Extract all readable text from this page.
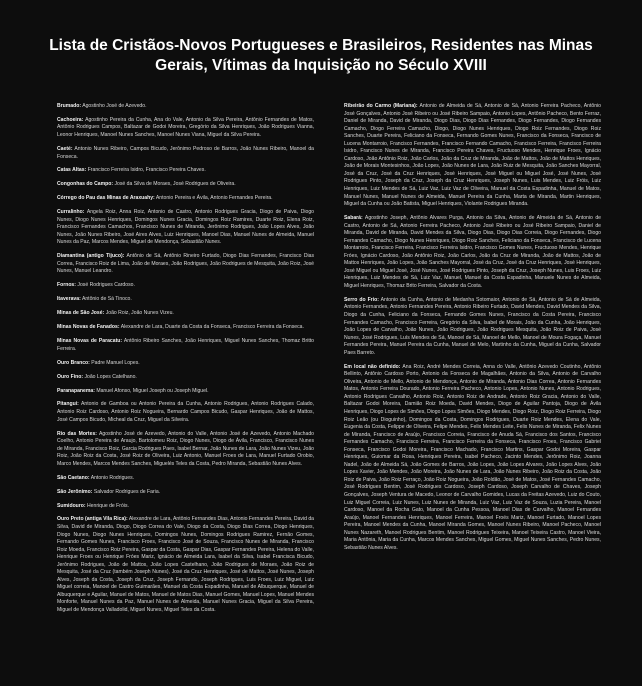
Lista de Cristãos-Novos Portugueses e Brasileiros, Residentes nas Minas Gerais, Vítimas da Inquisição no Século XVIII

Brumado: Agostinho José de Azevedo.

Cachoeira: Agostinho Pereira da Cunha, Ana do Vale, Antonio da Silva Pereira, Antônio Fernandes de Matos, Antônio Rodrigues Campos, Baltazar de Godoi Moreira, Gregório da Silva Henriques, João Rodrigues Vianna, Leonor Henriques, Manoel Nunes Sanches, Manoel Nunes Viana, Miguel da Silva Pereira.

Caeté: Antonio Nunes Ribeiro, Campos Bicudo, Jerônimo Pedroso de Barros, João Nunes Ribeiro, Manoel da Fonseca.

Catas Altas: Francisco Ferreira Isidro, Francisco Pereira Chaves.

Congonhas do Campo: José da Silva de Moraes, José Rodrigues de Oliveira.

Córrego do Pau das Minas de Araxuahy: Antonio Pereira e Ávila, Antonio Fernandes Pereira.

Curralinho: Angela Roiz, Anna Roiz, Antonio de Castro, Antonio Rodrigues Gracia, Diogo de Paiva, Diogo Nunes, Diogo Nunes Henriques, Domingos Nunes Gracia, Domingos Roiz Ramires, Duarte Roiz, Elena Roiz, Francisco Fernandes Camachos, Francisco Nunes de Miranda, Jerônimo Rodrigues, João Lopes Alves, João Nunes, João Nunes Ribeiro, José Aires Alves, Luiz Henriques, Manoel Dias, Manuel Nunes de Almeida, Manuel Nunes da Paz, Marcos Mendes, Miguel de Mendonça, Sebastião Nunes.

Diamantina (antigo Tijuco): Antônio de Sá, Antônio Rineiro Furtado, Diogo Dias Fernandes, Francisco Dias Correa, Francisco Roiz de Lima, João de Moraes, João Rodrigues, João Rodrigues de Mesquita, João Roiz, José Nunes, Manuel Leandro.

Fornos: José Rodrigues Cardoso.

Itaverava: Antônio de Sá Tinoco.

Minas de São José: João Roiz, João Nunes Vizeu.

Minas Novas de Fanados: Alexandre de Lara, Duarte da Costa da Fonseca, Francisco Ferreira da Fonseca.

Minas Novas de Paracatu: Antônio Ribeiro Sanches, João Henriques, Miguel Nunes Sanches, Thomaz Britto Ferreira.

Ouro Branco: Padre Manuel Lopes.

Ouro Fino: João Lopes Catelhano.

Paranapanema: Manuel Afonso, Miguel Joseph ou Joseph Miguel.

Pitangui: Antonio de Gamboa ou Antonio Pereira da Cunha, Antonio Rodrigues, Antonio Rodrigues Calado, Antonio Roiz Cardoso, Antonio Roiz Nogueira, Bernardo Campos Bicudo, Gaspar Henriques, João de Mattos, José Campos Bicudo, Micheal da Cruz, Miguel da Silveira.

Rio das Mortes: Agostinho José de Azevedo, Antonio do Valle, Antonio José de Azevedo, Antonio Machado Coelho, Antonio Pereira de Araujo, Bartolomeu Roiz, Diogo Nunes, Diogo de Ávila, Francisco, Francisco Nunes de Miranda, Francisco Roiz, Garcia Rodrigues Paes, Isabel Bernar, João Nunes de Lara, João Nunes Vizeu, João Roiz, João Roiz da Costa, José Roiz de Oliveira, Luiz Antonio, Manuel Froes de Lara, Manuel Furtado Orobio, Marco Mendes, Marcos Mendes Sanches, Miguelés Teles da Costa, Pedro Miranda, Sebastião Nunes Alves.

São Caetano: Antonio Rodrigues.

São Jerônimo: Salvador Rodrigues de Faria.

Sumidouro: Henrique de Fróis.

Ouro Preto (antiga Vila Rica): Alexandre de Lara, Antônio Fernandes Dias, Antonio Fernandes Pereira, David da Silva, David de Miranda, Diogo, Diogo Correa do Vale, Diogo da Costa, Diogo Dias Correa, Diogo Henriques, Diogo Nunes, Diogo Nunes Henriques, Domingos Nunes, Domingos Rodrigues Ramirez, Fernão Gomes, Fernando Gomes Nunes, Francisco Froes, Francisco José de Souza, Francisco Nunes de Miranda, Francisco Roiz Moeda, Francisco Roiz Pereira, Gaspar da Costa, Gaspar Dias, Gaspar Fernandes Pereira, Helena do Valle, Henrique Froes ou Henrique Fróes Mariz, Ignácio de Almeida Lara, Isabel da Silva, Isabel Francisca Bicudo, Jerônimo Rodrigues, João de Mattos, João Lopes Castelhano, João Rodrigues de Moraes, João Roiz de Mesquita, José da Cruz (também Joseph Nunes), José da Cruz Henriques, José de Mattos, José Nunes, Joseph Alves, Joseph da Costa, Joseph da Cruz, Joseph Fernando, Joseph Rodrigues, Luis Froes, Luiz Miguel, Luiz Miguel correia, Manoel de Castro Guimarães, Manuel da Costa Espadinha, Manuel de Albuquerque, Manuel de Albuquerque e Aguilar, Manuel de Matos, Manuel de Matos Dias, Manuel Gomes, Manuel Lopes, Manuel Mendes Monforte, Manuel Nunes da Paz, Manuel Nunes de Almeida, Manuel Nunes Gracia, Miguel da Silva Pereira, Miguel de Mendonça Valladolid, Miguel Nunes, Miguel Teles da Costa.

Ribeirão do Carmo (Mariana): Antonio de Almeida de Sá, Antonio de Sá, Antonio Ferreira Pacheco, Antônio José Gonçalves, Antonio José Ribeiro ou José Ribeiro Sampaio, Antonio Lopes, Antônio Pacheco, Bento Ferraz, Daniel de Miranda, David de Miranda, Diogo Dias, Diogo Dias Fernandes, Diogo Fernandes, Diogo Fernandes Camacho, Diogo Ferreira Camacho, Diogo, Diogo Nunes Henriques, Diogo Roiz Fernandes, Diogo Roiz Sanches, Duarte Pereira, Feliciano da Fonseca, Fernando Gomes Nunes, Francisco da Fonseca, Francisco de Lucena Montarroio, Francisco Fernandes, Francisco Fernando Camacho, Francisco Ferreira, Francisco Ferreira Isidro, Francisco Nunes de Miranda, Francisco Pereira Chaves, Fructuoso Mendes, Henrique Froes, Ignácio Cardoso, João Antônio Roiz, João Carlos, João da Cruz de Miranda, João de Mattos, João de Mattos Henriques, João de Morais Montesinhos, João Lopes, João Nunes de Lara, João Ruiz de Mesquita, João Sanches Mayorral, José da Cruz, José da Cruz Henriques, José Henriques, José Miguel ou Miguel José, José Nunes, José Rodrigues Pinto, Joseph da Cruz, Joseph da Cruz Henriques, Joseph Nunes, Luis Mendes, Luiz Fróis, Luiz Henriques, Luiz Mendes de Sá, Luiz Vaz, Luiz Vaz de Oliveira, Manuel da Costa Espadinha, Manuel de Matos, Manuel Nunes, Manuel Nunes de Almeida, Manuel Pereira da Cunha, Marta de Miranda, Martin Henriques, Miguel da Cunha ou João Batista, Miguel Henriques, Violante Rodrigues Miranda.

Sabará: Agostinho Joseph, Antônio Alvares Purga, Antonio da Silva, Antonio de Almeida de Sá, Antonio de Castro, Antonio de Sá, Antonio Ferreira Pacheco, Antonio José Ribeiro ou José Ribeiro Sampaio, Daniel de Miranda, David de Miranda, David Mendes da Silva, Diogo Dias, Diogo Dias Correia, Diogo Fernandes, Diogo Fernandes Camacho, Diogo Nunes Henriques, Diogo Roiz Sanches, Feliciano da Fonseca, Francisco de Lucena Montarroio, Francisco Ferreira, Francisco Ferreira Isidro, Francisco Gomes Nunes, Fructuoso Mendes, Henrique Fróes, Ignácio Cardoso, João Antônio Roiz, João Carlos, João da Cruz de Miranda, João de Mattos, João de Mattos Henriques, João Lopes, João Sanches Mayorral, José da Cruz, José da Cruz Henriques, José Henriques, José Miguel ou Miguel José, José Nunes, José Rodrigues Pinto, Joseph da Cruz, Joseph Nunes, Luis Froes, Luiz Henriques, Luiz Mendes de Sá, Luiz Vaz, Manuel, Manuel da Costa Espadinha, Manuele Nunes de Almeida, Miguel Henriques, Thomaz Brito Ferreira, Salvador da Costa.

Serro do Frio: Antonio da Cunha, Antonio de Medanha Sotomaior, Antonio de Sá, Antonio de Sá de Almeida, Antonio Fernandes, Antonio Fernandes Pereira, Antonio Ribeiro Furtado, David Mendes, David Mendes da Silva, Diogo da Cunha, Feliciano da Fonseca, Fernando Gomes Nunes, Francisco da Costa Pereira, Francisco Fernandes Camacho, Francisco Ferreira, Gregório da Silva, Isabel de Morais, João da Cunha, João Henriques, João Lopes de Carvalho, João Nunes, João Rodrigues, João Rodrigues Mesquita, João Roiz de Paiva, José Nunes, José Rodrigues, Luís Mendes de Sá, Manoel de Sá, Manoel de Mello, Manoel de Moura Fogaça, Manuel Fernandes Pereira, Manuel Pereira da Cunha, Manuel de Melo, Martinho da Cunha, Miguel da Cunha, Salvador Paes Barreto.

Em local não definido: Ana Roiz, André Mendes Correia, Anna do Valle, Antônio Azevedo Coutinho, Antônio Bellinto, Antônio Cardoso Porto, Antonio da Fonseca de Magalhães, Antonio da Silva, Antonio de Carvalho Oliveira, Antonio de Mello, Antonio de Mendonça, Antonio de Miranda, Antonio Dias Correa, Antonio Fernandes Matos, Antonio Ferreira Dourado, Antonio Ferreira Pacheco, Antonio Lopes, Antonio Nunes, Antonio Rodrigues, Antonio Rodrigues Carvalho, Antonio Roiz, Antonio Roiz de Andrade, Antonio Roiz Gracia, Antonio do Valle, Baltazar Godoi Moreira, Damião Roiz Moeda, David Mendes, Diogo de Aguilar Pantoja, Diogo de Ávila Henriques, Diogo Lopes de Simões, Diogo Lopes Simões, Diogo Mendes, Diogo Roiz, Diogo Roiz Ferreira, Diogo Roiz Leão (ou Dioguinho), Domingos da Costa, Domingos Rodrigues, Duarte Roiz Mendes, Elena do Vale, Eugenia da Costa, Felippe de Oliveira, Felipe Mendes, Felix Mendes Leite, Felix Nunes de Miranda, Felix Nunes de Miranda, Francisco de Araújo, Francisco Correia, Francisco de Anuda Sá, Francisco dos Santos, Francisco Fernandes Camacho, Francisco Ferreira, Francisco Ferreira da Fonseca, Francisco Froes, Francisco Gabriel Fonseca, Francisco Godoi Moreira, Francisco Machado, Francisco Martins, Gaspar Godoi Moreira, Gaspar Henriques, Guiomar da Rosa, Henriques Pereira, Isabel Pacheco, Jacinto Mendes, Jerônimo Roiz, Joanna Nadel, João de Almeida Sá, João Gomes de Barros, João Lopes, João Lopes Alvares, João Lopes Alves, João Lopes Xavier, João Mendes, João Moreira, João Nunes de Lara, João Nunes Ribeiro, João Roiz da Costa, João Roiz de Paiva, João Roiz Ferraço, João Roiz Nogueira, João Roldão, José de Matos, José Fernandes Camacho, José Rodrigues Bentim, José Rodrigues Cardoso, Joseph Cardoso, Joseph Carvalho de Chaves, Joseph Gonçalves, Joseph Ventura de Macedo, Leonor de Carvalho Gomides, Lucas da Freitas Azevedo, Luiz do Couto, Luiz Miguel Correia, Luiz Nunes, Luiz Nunes de Miranda, Luiz Vaz, Luiz Vaz de Souza, Luzia Pereira, Manoel Cardoso, Manoel da Rocha Gato, Manoel da Cunha Pessoa, Manoel Dias de Carvalho, Manoel Fernandes Araújo, Manoel Fernandes Henriques, Manoel Ferreira, Manoel Froés Mariz, Manoel Furtado, Manoel Lopes Pereira, Manoel Mendes da Cunha, Manoel Miranda Gomes, Manoel Nunes Ribeiro, Manoel Pacheco, Manoel Nunes Nazareth, Manoel Rodrigues Bentim, Manoel Rodrigues Teixeira, Manoel Teixeira Castro, Manoel Vieira, Maria Antônia, Maria da Cunha, Marcos Mendes Sanches, Miguel Gomes, Miguel Nunes Sanches, Pedro Nunes, Sebastião Nunes Alves.
